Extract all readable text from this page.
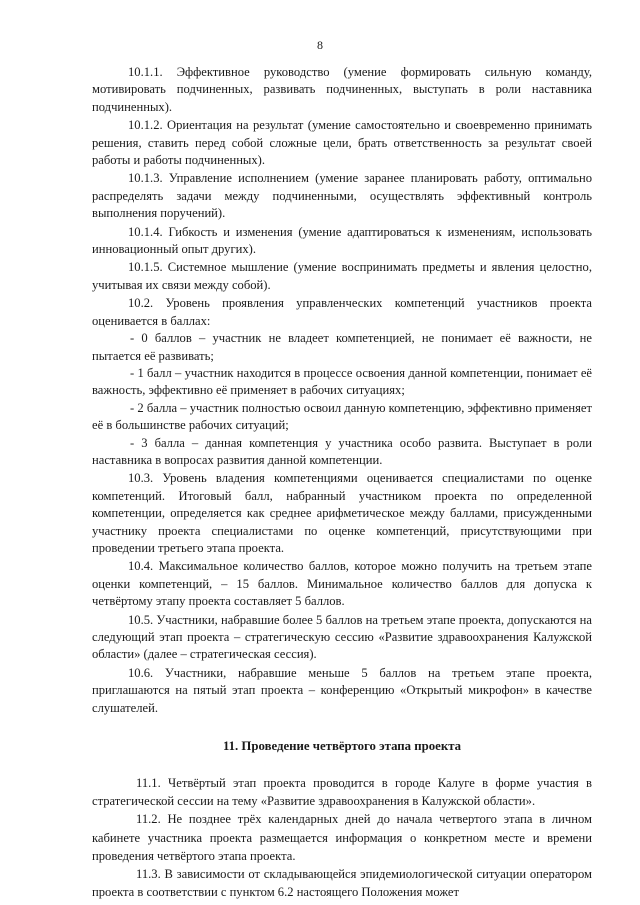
8

10.1.1. Эффективное руководство (умение формировать сильную команду, мотивировать подчиненных, развивать подчиненных, выступать в роли наставника подчиненных).

10.1.2. Ориентация на результат (умение самостоятельно и своевременно принимать решения, ставить перед собой сложные цели, брать ответственность за результат своей работы и работы подчиненных).

10.1.3. Управление исполнением (умение заранее планировать работу, оптимально распределять задачи между подчиненными, осуществлять эффективный контроль выполнения поручений).

10.1.4. Гибкость и изменения (умение адаптироваться к изменениям, использовать инновационный опыт других).

10.1.5. Системное мышление (умение воспринимать предметы и явления целостно, учитывая их связи между собой).

10.2. Уровень проявления управленческих компетенций участников проекта оценивается в баллах:

- 0 баллов – участник не владеет компетенцией, не понимает её важности, не пытается её развивать;

- 1 балл – участник находится в процессе освоения данной компетенции, понимает её важность, эффективно её применяет в рабочих ситуациях;

- 2 балла – участник полностью освоил данную компетенцию, эффективно применяет её в большинстве рабочих ситуаций;

- 3 балла – данная компетенция у участника особо развита. Выступает в роли наставника в вопросах развития данной компетенции.

10.3. Уровень владения компетенциями оценивается специалистами по оценке компетенций. Итоговый балл, набранный участником проекта по определенной компетенции, определяется как среднее арифметическое между баллами, присужденными участнику проекта специалистами по оценке компетенций, присутствующими при проведении третьего этапа проекта.

10.4. Максимальное количество баллов, которое можно получить на третьем этапе оценки компетенций, – 15 баллов. Минимальное количество баллов для допуска к четвёртому этапу проекта составляет 5 баллов.

10.5. Участники, набравшие более 5 баллов на третьем этапе проекта, допускаются на следующий этап проекта – стратегическую сессию «Развитие здравоохранения Калужской области» (далее – стратегическая сессия).

10.6. Участники, набравшие меньше 5 баллов на третьем этапе проекта, приглашаются на пятый этап проекта – конференцию «Открытый микрофон» в качестве слушателей.

11. Проведение четвёртого этапа проекта

11.1. Четвёртый этап проекта проводится в городе Калуге в форме участия в стратегической сессии на тему «Развитие здравоохранения в Калужской области».

11.2. Не позднее трёх календарных дней до начала четвертого этапа в личном кабинете участника проекта размещается информация о конкретном месте и времени проведения четвёртого этапа проекта.

11.3. В зависимости от складывающейся эпидемиологической ситуации оператором проекта в соответствии с пунктом 6.2 настоящего Положения может
